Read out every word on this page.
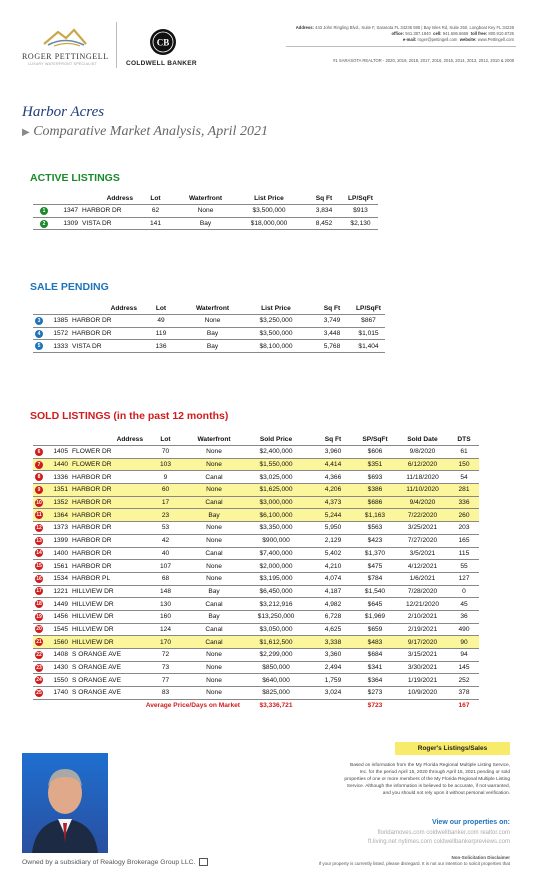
ROGER PETTINGELL
LUXURY WATERFRONT SPECIALIST
CB
COLDWELL BANKER
Address: 443 John Ringling Blvd., Suite F, Sarasota FL 34236 595 | Bay Isles Rd, Suite 250, Longboat Key FL 34228
office: 941.387.1840 cell: 941.586.6668 toll free: 800.910.8726
e-mail: roger@pettingell.com website: www.Pettingell.com
#1 SARASOTA REALTOR - 2020, 2019, 2018, 2017, 2016, 2015, 2014, 2013, 2012, 2010 & 2008
Harbor Acres
▶ Comparative Market Analysis, April 2021
ACTIVE LISTINGS
	Address	Lot	Waterfront	List Price	Sq Ft	LP/SqFt
1	1347 HARBOR DR	62	None	$3,500,000	3,834	$913
2	1309 VISTA DR	141	Bay	$18,000,000	8,452	$2,130
SALE PENDING
	Address	Lot	Waterfront	List Price	Sq Ft	LP/SqFt
3	1385 HARBOR DR	49	None	$3,250,000	3,749	$867
4	1572 HARBOR DR	119	Bay	$3,500,000	3,448	$1,015
5	1333 VISTA DR	136	Bay	$8,100,000	5,768	$1,404
SOLD LISTINGS (in the past 12 months)
	Address	Lot	Waterfront	Sold Price	Sq Ft	SP/SqFt	Sold Date	DTS
6	1405 FLOWER DR	70	None	$2,400,000	3,960	$606	9/8/2020	61
7	1440 FLOWER DR	103	None	$1,550,000	4,414	$351	6/12/2020	150
8	1336 HARBOR DR	9	Canal	$3,025,000	4,366	$693	11/18/2020	54
9	1351 HARBOR DR	60	None	$1,625,000	4,206	$386	11/10/2020	281
10	1352 HARBOR DR	17	Canal	$3,000,000	4,373	$686	9/4/2020	336
11	1364 HARBOR DR	23	Bay	$6,100,000	5,244	$1,163	7/22/2020	260
12	1373 HARBOR DR	53	None	$3,350,000	5,950	$563	3/25/2021	203
13	1399 HARBOR DR	42	None	$900,000	2,129	$423	7/27/2020	165
14	1400 HARBOR DR	40	Canal	$7,400,000	5,402	$1,370	3/5/2021	115
15	1561 HARBOR DR	107	None	$2,000,000	4,210	$475	4/12/2021	55
16	1534 HARBOR PL	68	None	$3,195,000	4,074	$784	1/6/2021	127
17	1221 HILLVIEW DR	148	Bay	$6,450,000	4,187	$1,540	7/28/2020	0
18	1449 HILLVIEW DR	130	Canal	$3,212,916	4,982	$645	12/21/2020	45
19	1456 HILLVIEW DR	160	Bay	$13,250,000	6,728	$1,969	2/10/2021	36
20	1545 HILLVIEW DR	124	Canal	$3,050,000	4,625	$659	2/19/2021	490
21	1560 HILLVIEW DR	170	Canal	$1,612,500	3,338	$483	9/17/2020	90
22	1408 S ORANGE AVE	72	None	$2,299,000	3,360	$684	3/15/2021	94
23	1430 S ORANGE AVE	73	None	$850,000	2,494	$341	3/30/2021	145
24	1550 S ORANGE AVE	77	None	$640,000	1,759	$364	1/19/2021	252
25	1740 S ORANGE AVE	83	None	$825,000	3,024	$273	10/9/2020	378
Average Price/Days on Market				$3,336,721		$723		167
Roger's Listings/Sales
Based on information from the My Florida Regional Multiple Listing Service,
Inc. for the period April 15, 2020 through April 15, 2021 pending or sold
properties of one or more members of the My Florida Regional Multiple Listing
Service. Although the information is believed to be accurate, if not warranted,
and you should not rely upon it without personal verification.
View our properties on:
floridamoves.com coldwellbanker.com realtor.com
ft.living.net nytimes.com coldwellbankerpreviews.com
Owned by a subsidiary of Realogy Brokerage Group LLC.
Non-Solicitation Disclaimer
If your property is currently listed, please disregard. It is not our intention to solicit properties that
